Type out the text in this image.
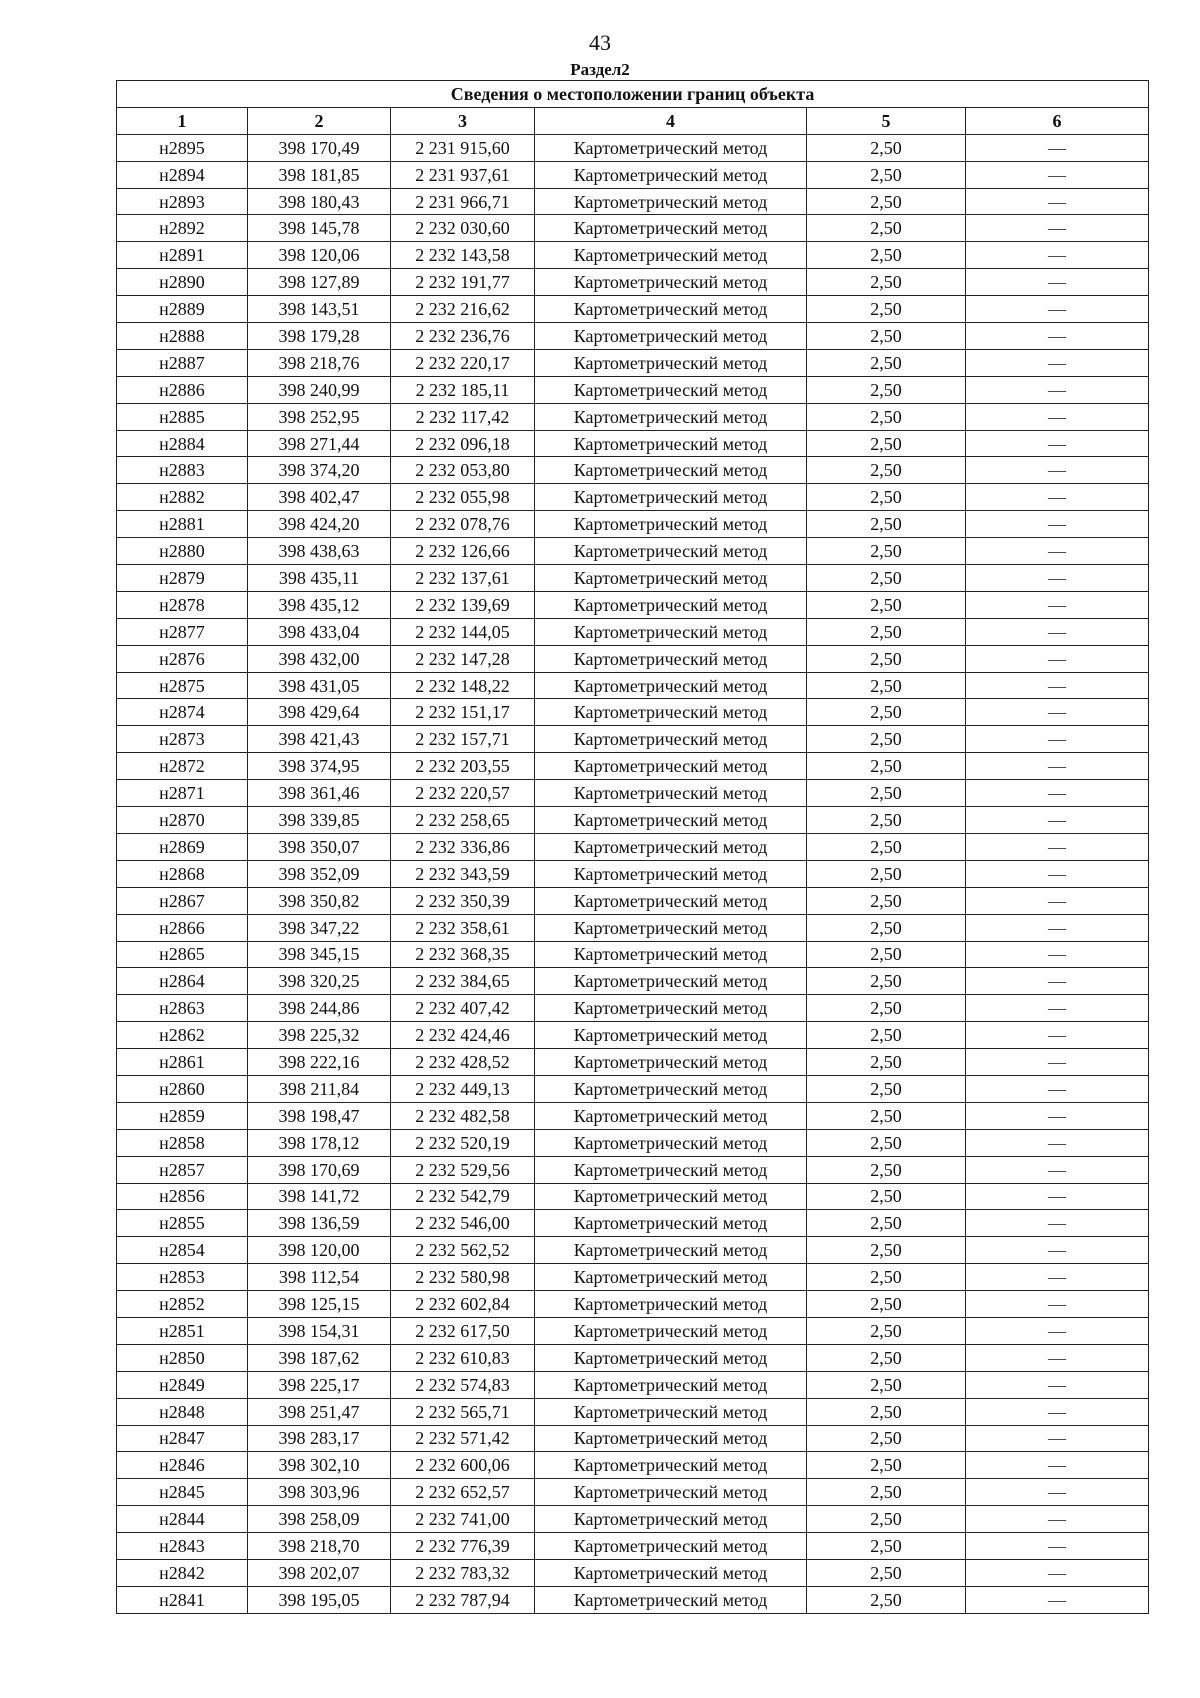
43
Раздел2
Сведения о местоположении границ объекта					
1	2	3	4	5	6
н2895	398 170,49	2 231 915,60	Картометрический метод	2,50	—
н2894	398 181,85	2 231 937,61	Картометрический метод	2,50	—
н2893	398 180,43	2 231 966,71	Картометрический метод	2,50	—
н2892	398 145,78	2 232 030,60	Картометрический метод	2,50	—
н2891	398 120,06	2 232 143,58	Картометрический метод	2,50	—
н2890	398 127,89	2 232 191,77	Картометрический метод	2,50	—
н2889	398 143,51	2 232 216,62	Картометрический метод	2,50	—
н2888	398 179,28	2 232 236,76	Картометрический метод	2,50	—
н2887	398 218,76	2 232 220,17	Картометрический метод	2,50	—
н2886	398 240,99	2 232 185,11	Картометрический метод	2,50	—
н2885	398 252,95	2 232 117,42	Картометрический метод	2,50	—
н2884	398 271,44	2 232 096,18	Картометрический метод	2,50	—
н2883	398 374,20	2 232 053,80	Картометрический метод	2,50	—
н2882	398 402,47	2 232 055,98	Картометрический метод	2,50	—
н2881	398 424,20	2 232 078,76	Картометрический метод	2,50	—
н2880	398 438,63	2 232 126,66	Картометрический метод	2,50	—
н2879	398 435,11	2 232 137,61	Картометрический метод	2,50	—
н2878	398 435,12	2 232 139,69	Картометрический метод	2,50	—
н2877	398 433,04	2 232 144,05	Картометрический метод	2,50	—
н2876	398 432,00	2 232 147,28	Картометрический метод	2,50	—
н2875	398 431,05	2 232 148,22	Картометрический метод	2,50	—
н2874	398 429,64	2 232 151,17	Картометрический метод	2,50	—
н2873	398 421,43	2 232 157,71	Картометрический метод	2,50	—
н2872	398 374,95	2 232 203,55	Картометрический метод	2,50	—
н2871	398 361,46	2 232 220,57	Картометрический метод	2,50	—
н2870	398 339,85	2 232 258,65	Картометрический метод	2,50	—
н2869	398 350,07	2 232 336,86	Картометрический метод	2,50	—
н2868	398 352,09	2 232 343,59	Картометрический метод	2,50	—
н2867	398 350,82	2 232 350,39	Картометрический метод	2,50	—
н2866	398 347,22	2 232 358,61	Картометрический метод	2,50	—
н2865	398 345,15	2 232 368,35	Картометрический метод	2,50	—
н2864	398 320,25	2 232 384,65	Картометрический метод	2,50	—
н2863	398 244,86	2 232 407,42	Картометрический метод	2,50	—
н2862	398 225,32	2 232 424,46	Картометрический метод	2,50	—
н2861	398 222,16	2 232 428,52	Картометрический метод	2,50	—
н2860	398 211,84	2 232 449,13	Картометрический метод	2,50	—
н2859	398 198,47	2 232 482,58	Картометрический метод	2,50	—
н2858	398 178,12	2 232 520,19	Картометрический метод	2,50	—
н2857	398 170,69	2 232 529,56	Картометрический метод	2,50	—
н2856	398 141,72	2 232 542,79	Картометрический метод	2,50	—
н2855	398 136,59	2 232 546,00	Картометрический метод	2,50	—
н2854	398 120,00	2 232 562,52	Картометрический метод	2,50	—
н2853	398 112,54	2 232 580,98	Картометрический метод	2,50	—
н2852	398 125,15	2 232 602,84	Картометрический метод	2,50	—
н2851	398 154,31	2 232 617,50	Картометрический метод	2,50	—
н2850	398 187,62	2 232 610,83	Картометрический метод	2,50	—
н2849	398 225,17	2 232 574,83	Картометрический метод	2,50	—
н2848	398 251,47	2 232 565,71	Картометрический метод	2,50	—
н2847	398 283,17	2 232 571,42	Картометрический метод	2,50	—
н2846	398 302,10	2 232 600,06	Картометрический метод	2,50	—
н2845	398 303,96	2 232 652,57	Картометрический метод	2,50	—
н2844	398 258,09	2 232 741,00	Картометрический метод	2,50	—
н2843	398 218,70	2 232 776,39	Картометрический метод	2,50	—
н2842	398 202,07	2 232 783,32	Картометрический метод	2,50	—
н2841	398 195,05	2 232 787,94	Картометрический метод	2,50	—
